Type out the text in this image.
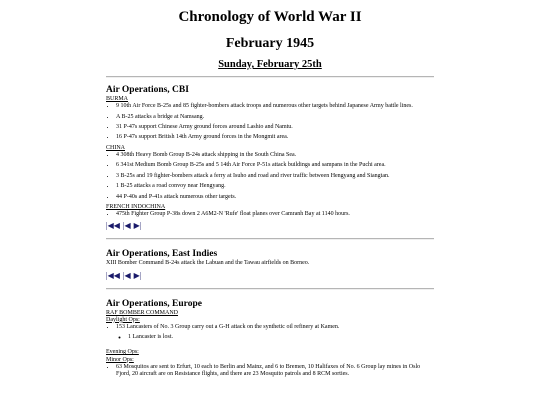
Chronology of World War II
February 1945
Sunday, February 25th
Air Operations, CBI
BURMA
• 9 10th Air Force B-25s and 85 fighter-bombers attack troops and numerous other targets behind Japanese Army battle lines.
• A B-25 attacks a bridge at Namsang.
• 31 P-47s support Chinese Army ground forces around Lashio and Namtu.
• 16 P-47s support British 14th Army ground forces in the Mongmit area.
CHINA
• 4 308th Heavy Bomb Group B-24s attack shipping in the South China Sea.
• 6 341st Medium Bomb Group B-25s and 5 14th Air Force P-51s attack buildings and sampans in the Puchi area.
• 3 B-25s and 19 fighter-bombers attack a ferry at Isuho and road and river traffic between Hengyang and Siangtan.
• 1 B-25 attacks a road convoy near Hengyang.
• 44 P-40s and P-41s attack numerous other targets.
FRENCH INDOCHINA
• 475th Fighter Group P-38s down 2 A6M2-N 'Rufe' float planes over Camranh Bay at 1140 hours.
|◀◀ |◀ ▶|
Air Operations, East Indies
XIII Bomber Command B-24s attack the Labuan and the Tawau airfields on Borneo.
|◀◀ |◀ ▶|
Air Operations, Europe
RAF BOMBER COMMAND
Daylight Ops:
• 153 Lancasters of No. 3 Group carry out a G-H attack on the synthetic oil refinery at Kamen.
◦ 1 Lancaster is lost.
Evening Ops:
Minor Ops:
• 63 Mosquitos are sent to Erfurt, 10 each to Berlin and Mainz, and 6 to Bremen, 10 Halifaxes of No. 6 Group lay mines in Oslo Fjord, 20 aircraft are on Resistance flights, and there are 23 Mosquito patrols and 8 RCM sorties.
